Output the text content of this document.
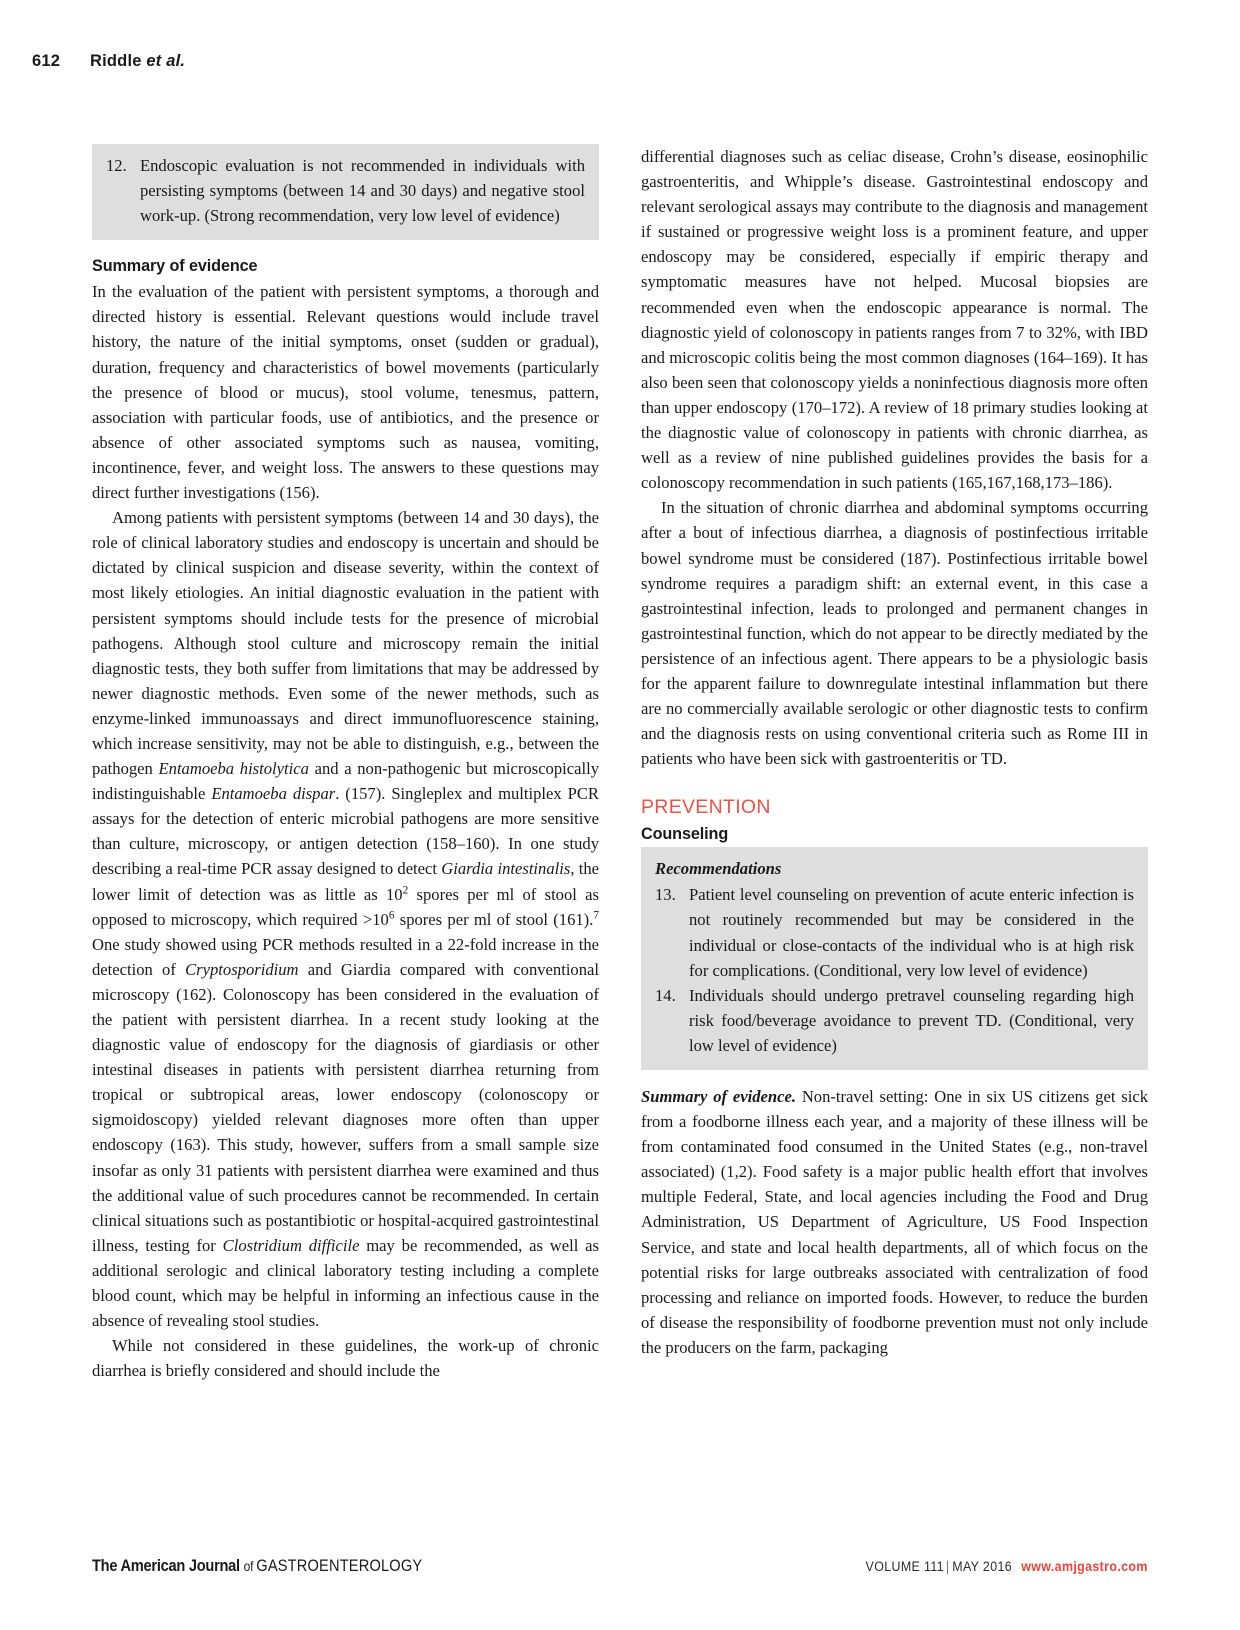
612 Riddle et al.
12. Endoscopic evaluation is not recommended in individuals with persisting symptoms (between 14 and 30 days) and negative stool work-up. (Strong recommendation, very low level of evidence)
Summary of evidence

In the evaluation of the patient with persistent symptoms, a thorough and directed history is essential. Relevant questions would include travel history, the nature of the initial symptoms, onset (sudden or gradual), duration, frequency and characteristics of bowel movements (particularly the presence of blood or mucus), stool volume, tenesmus, pattern, association with particular foods, use of antibiotics, and the presence or absence of other associated symptoms such as nausea, vomiting, incontinence, fever, and weight loss. The answers to these questions may direct further investigations (156).

Among patients with persistent symptoms (between 14 and 30 days), the role of clinical laboratory studies and endoscopy is uncertain and should be dictated by clinical suspicion and disease severity, within the context of most likely etiologies. An initial diagnostic evaluation in the patient with persistent symptoms should include tests for the presence of microbial pathogens. Although stool culture and microscopy remain the initial diagnostic tests, they both suffer from limitations that may be addressed by newer diagnostic methods. Even some of the newer methods, such as enzyme-linked immunoassays and direct immunofluorescence staining, which increase sensitivity, may not be able to distinguish, e.g., between the pathogen Entamoeba histolytica and a non-pathogenic but microscopically indistinguishable Entamoeba dispar. (157). Singleplex and multiplex PCR assays for the detection of enteric microbial pathogens are more sensitive than culture, microscopy, or antigen detection (158–160). In one study describing a real-time PCR assay designed to detect Giardia intestinalis, the lower limit of detection was as little as $10^2$ spores per ml of stool as opposed to microscopy, which required $>10^6$ spores per ml of stool (161).$^7$ One study showed using PCR methods resulted in a 22-fold increase in the detection of Cryptosporidium and Giardia compared with conventional microscopy (162). Colonoscopy has been considered in the evaluation of the patient with persistent diarrhea. In a recent study looking at the diagnostic value of endoscopy for the diagnosis of giardiasis or other intestinal diseases in patients with persistent diarrhea returning from tropical or subtropical areas, lower endoscopy (colonoscopy or sigmoidoscopy) yielded relevant diagnoses more often than upper endoscopy (163). This study, however, suffers from a small sample size insofar as only 31 patients with persistent diarrhea were examined and thus the additional value of such procedures cannot be recommended. In certain clinical situations such as postantibiotic or hospital-acquired gastrointestinal illness, testing for Clostridium difficile may be recommended, as well as additional serologic and clinical laboratory testing including a complete blood count, which may be helpful in informing an infectious cause in the absence of revealing stool studies.

While not considered in these guidelines, the work-up of chronic diarrhea is briefly considered and should include the

differential diagnoses such as celiac disease, Crohn’s disease, eosinophilic gastroenteritis, and Whipple’s disease. Gastrointestinal endoscopy and relevant serological assays may contribute to the diagnosis and management if sustained or progressive weight loss is a prominent feature, and upper endoscopy may be considered, especially if empiric therapy and symptomatic measures have not helped. Mucosal biopsies are recommended even when the endoscopic appearance is normal. The diagnostic yield of colonoscopy in patients ranges from 7 to 32%, with IBD and microscopic colitis being the most common diagnoses (164–169). It has also been seen that colonoscopy yields a noninfectious diagnosis more often than upper endoscopy (170–172). A review of 18 primary studies looking at the diagnostic value of colonoscopy in patients with chronic diarrhea, as well as a review of nine published guidelines provides the basis for a colonoscopy recommendation in such patients (165,167,168,173–186).

In the situation of chronic diarrhea and abdominal symptoms occurring after a bout of infectious diarrhea, a diagnosis of postinfectious irritable bowel syndrome must be considered (187). Postinfectious irritable bowel syndrome requires a paradigm shift: an external event, in this case a gastrointestinal infection, leads to prolonged and permanent changes in gastrointestinal function, which do not appear to be directly mediated by the persistence of an infectious agent. There appears to be a physiologic basis for the apparent failure to downregulate intestinal inflammation but there are no commercially available serologic or other diagnostic tests to confirm and the diagnosis rests on using conventional criteria such as Rome III in patients who have been sick with gastroenteritis or TD.

PREVENTION
Counseling

Recommendations

13. Patient level counseling on prevention of acute enteric infection is not routinely recommended but may be considered in the individual or close-contacts of the individual who is at high risk for complications. (Conditional, very low level of evidence)
14. Individuals should undergo pretravel counseling regarding high risk food/beverage avoidance to prevent TD. (Conditional, very low level of evidence)

Summary of evidence. Non-travel setting: One in six US citizens get sick from a foodborne illness each year, and a majority of these illness will be from contaminated food consumed in the United States (e.g., non-travel associated) (1,2). Food safety is a major public health effort that involves multiple Federal, State, and local agencies including the Food and Drug Administration, US Department of Agriculture, US Food Inspection Service, and state and local health departments, all of which focus on the potential risks for large outbreaks associated with centralization of food processing and reliance on imported foods. However, to reduce the burden of disease the responsibility of foodborne prevention must not only include the producers on the farm, packaging

The American Journal of GASTROENTEROLOGY	VOLUME 111 | MAY 2016 www.amjgastro.com
